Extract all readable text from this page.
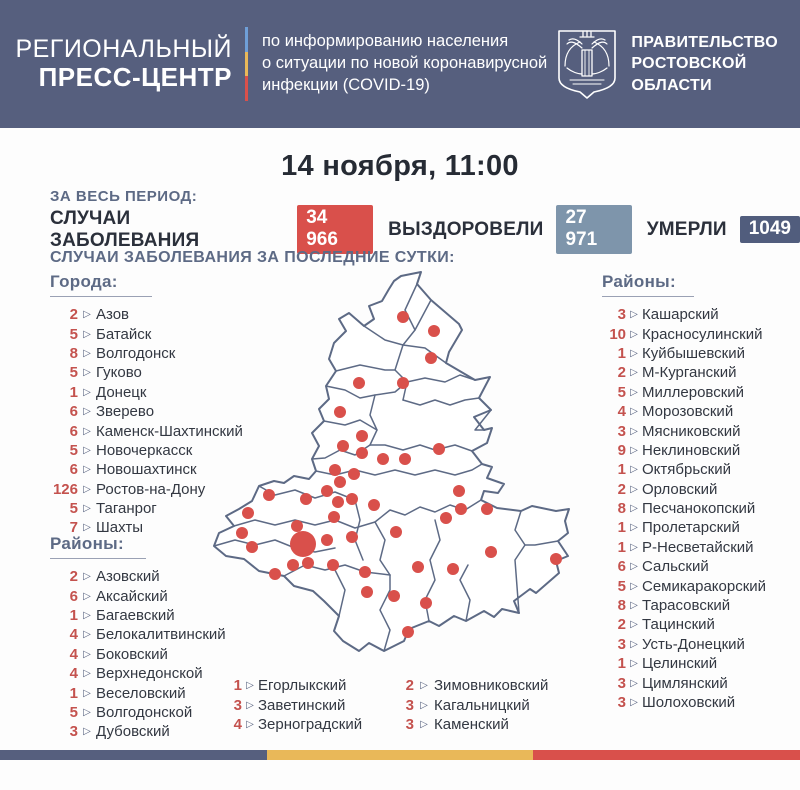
РЕГИОНАЛЬНЫЙ
ПРЕСС-ЦЕНТР
по информированию населения
о ситуации по новой коронавирусной
инфекции (COVID-19)
ПРАВИТЕЛЬСТВО
РОСТОВСКОЙ
ОБЛАСТИ
14 ноября, 11:00
ЗА ВЕСЬ ПЕРИОД:
СЛУЧАИ ЗАБОЛЕВАНИЯ
34 966	ВЫЗДОРОВЕЛИ
27 971	УМЕРЛИ	1049
СЛУЧАИ ЗАБОЛЕВАНИЯ ЗА ПОСЛЕДНИЕ СУТКИ:
Города:
2 ▷ Азов
5 ▷ Батайск
8 ▷ Волгодонск
5 ▷ Гуково
1 ▷ Донецк
6 ▷ Зверево
6 ▷ Каменск-Шахтинский
5 ▷ Новочеркасск
6 ▷ Новошахтинск
126 ▷ Ростов-на-Дону
5 ▷ Таганрог
7 ▷ Шахты
Районы:
2 ▷ Азовский
6 ▷ Аксайский
1 ▷ Багаевский
4 ▷ Белокалитвинский
4 ▷ Боковский
4 ▷ Верхнедонской
1 ▷ Веселовский
5 ▷ Волгодонской
3 ▷ Дубовский
1 ▷ Егорлыкский
3 ▷ Заветинский
4 ▷ Зерноградский
2 ▷ Зимовниковский
3 ▷ Кагальницкий
3 ▷ Каменский
Районы:
3 ▷ Кашарский
10 ▷ Красносулинский
1 ▷ Куйбышевский
2 ▷ М-Курганский
5 ▷ Миллеровский
4 ▷ Морозовский
3 ▷ Мясниковский
9 ▷ Неклиновский
1 ▷ Октябрьский
2 ▷ Орловский
8 ▷ Песчанокопский
1 ▷ Пролетарский
1 ▷ Р-Несветайский
6 ▷ Сальский
5 ▷ Семикаракорский
8 ▷ Тарасовский
2 ▷ Тацинский
3 ▷ Усть-Донецкий
1 ▷ Целинский
3 ▷ Цимлянский
3 ▷ Шолоховский
